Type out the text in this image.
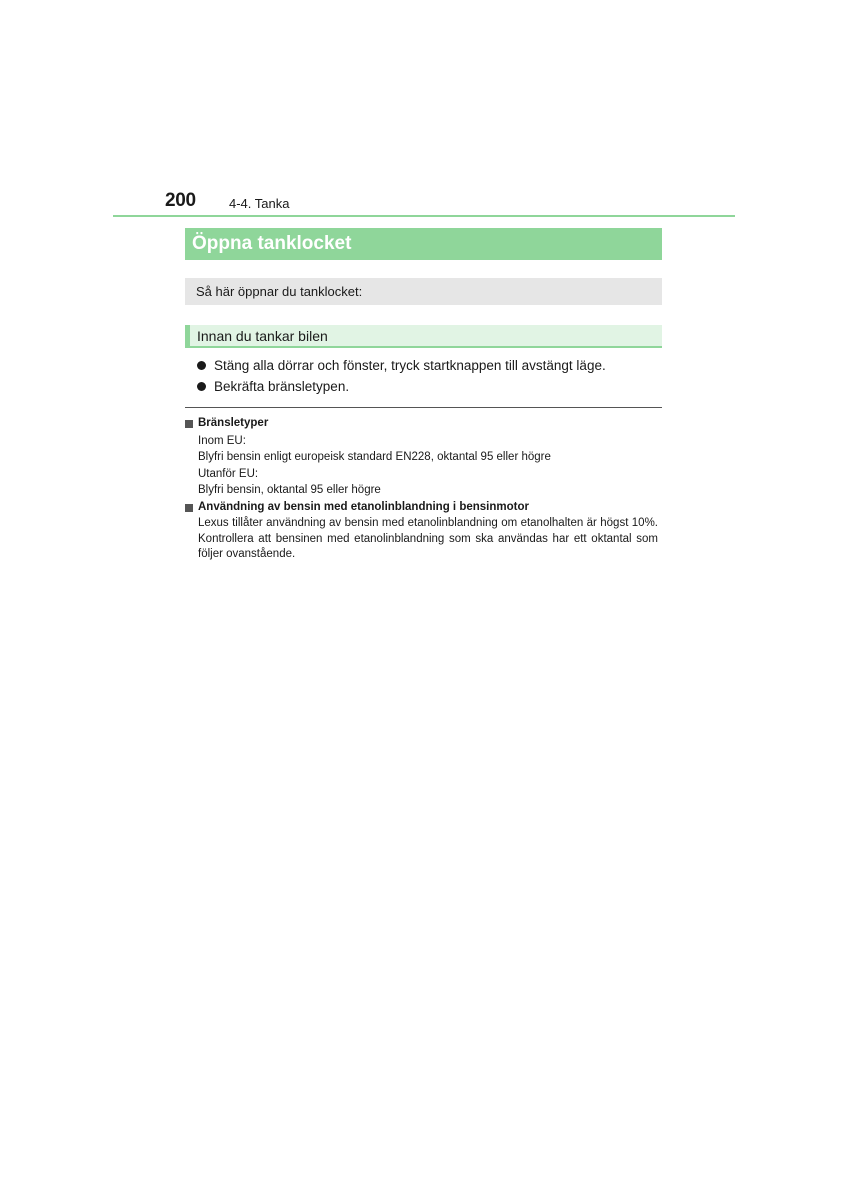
200	4-4. Tanka
Öppna tanklocket
Så här öppnar du tanklocket:
Innan du tankar bilen
Stäng alla dörrar och fönster, tryck startknappen till avstängt läge.
Bekräfta bränsletypen.
Bränsletyper
Inom EU:
Blyfri bensin enligt europeisk standard EN228, oktantal 95 eller högre
Utanför EU:
Blyfri bensin, oktantal 95 eller högre
Användning av bensin med etanolinblandning i bensinmotor
Lexus tillåter användning av bensin med etanolinblandning om etanolhalten är högst 10%. Kontrollera att bensinen med etanolinblandning som ska användas har ett oktantal som följer ovanstående.
